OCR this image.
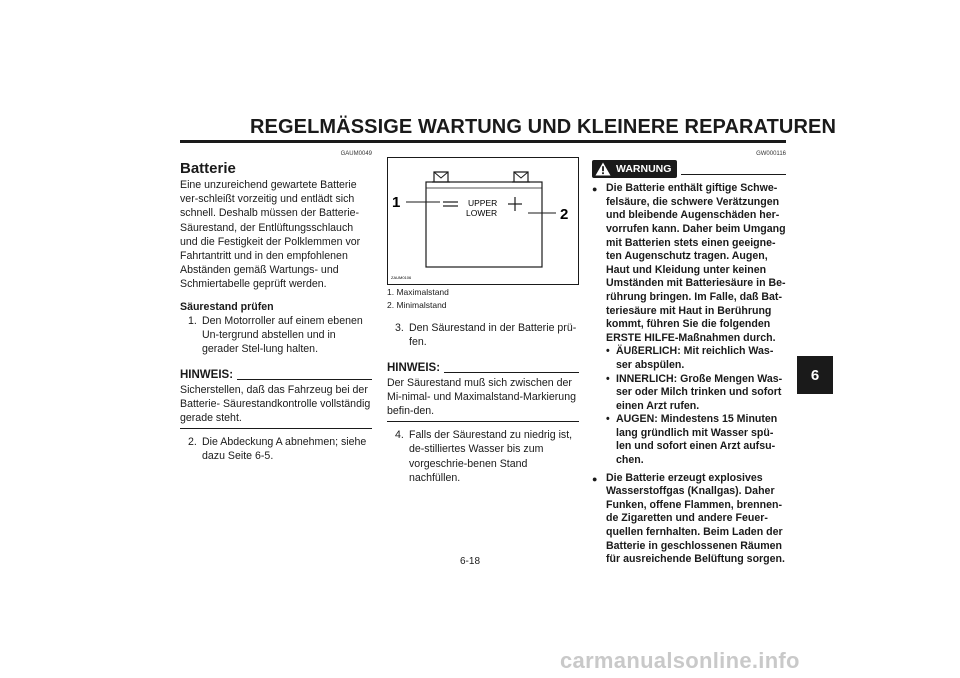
REGELMÄSSIGE WARTUNG UND KLEINERE REPARATUREN
GAUM0049
Batterie
Eine unzureichend gewartete Batterie ver-schleißt vorzeitig und entlädt sich schnell. Deshalb müssen der Batterie-Säurestand, der Entlüftungsschlauch und die Festigkeit der Polklemmen vor Fahrtantritt und in den empfohlenen Abständen gemäß Wartungs- und Schmiertabelle geprüft werden.
Säurestand prüfen
1. Den Motorroller auf einem ebenen Un-tergrund abstellen und in gerader Stel-lung halten.
HINWEIS:
Sicherstellen, daß das Fahrzeug bei der Batterie- Säurestandkontrolle vollständig gerade steht.
2. Die Abdeckung A abnehmen; siehe dazu Seite 6-5.
1
2
UPPER
LOWER
ZAUM0106
1. Maximalstand
2. Minimalstand
3. Den Säurestand in der Batterie prü-fen.
HINWEIS:
Der Säurestand muß sich zwischen der Mi-nimal- und Maximalstand-Markierung befin-den.
4. Falls der Säurestand zu niedrig ist, de-stilliertes Wasser bis zum vorgeschrie-benen Stand nachfüllen.
GW000116
WARNUNG
● Die Batterie enthält giftige Schwe-felsäure, die schwere Verätzungen und bleibende Augenschäden her-vorrufen kann. Daher beim Umgang mit Batterien stets einen geeigne-ten Augenschutz tragen. Augen, Haut und Kleidung unter keinen Umständen mit Batteriesäure in Be-rührung bringen. Im Falle, daß Bat-teriesäure mit Haut in Berührung kommt, führen Sie die folgenden ERSTE HILFE-Maßnahmen durch.
• ÄUßERLICH: Mit reichlich Was-ser abspülen.
• INNERLICH: Große Mengen Was-ser oder Milch trinken und sofort einen Arzt rufen.
• AUGEN: Mindestens 15 Minuten lang gründlich mit Wasser spü-len und sofort einen Arzt aufsu-chen.
● Die Batterie erzeugt explosives Wasserstoffgas (Knallgas). Daher Funken, offene Flammen, brennen-de Zigaretten und andere Feuer-quellen fernhalten. Beim Laden der Batterie in geschlossenen Räumen für ausreichende Belüftung sorgen.
6-18
6
carmanualsonline.info
